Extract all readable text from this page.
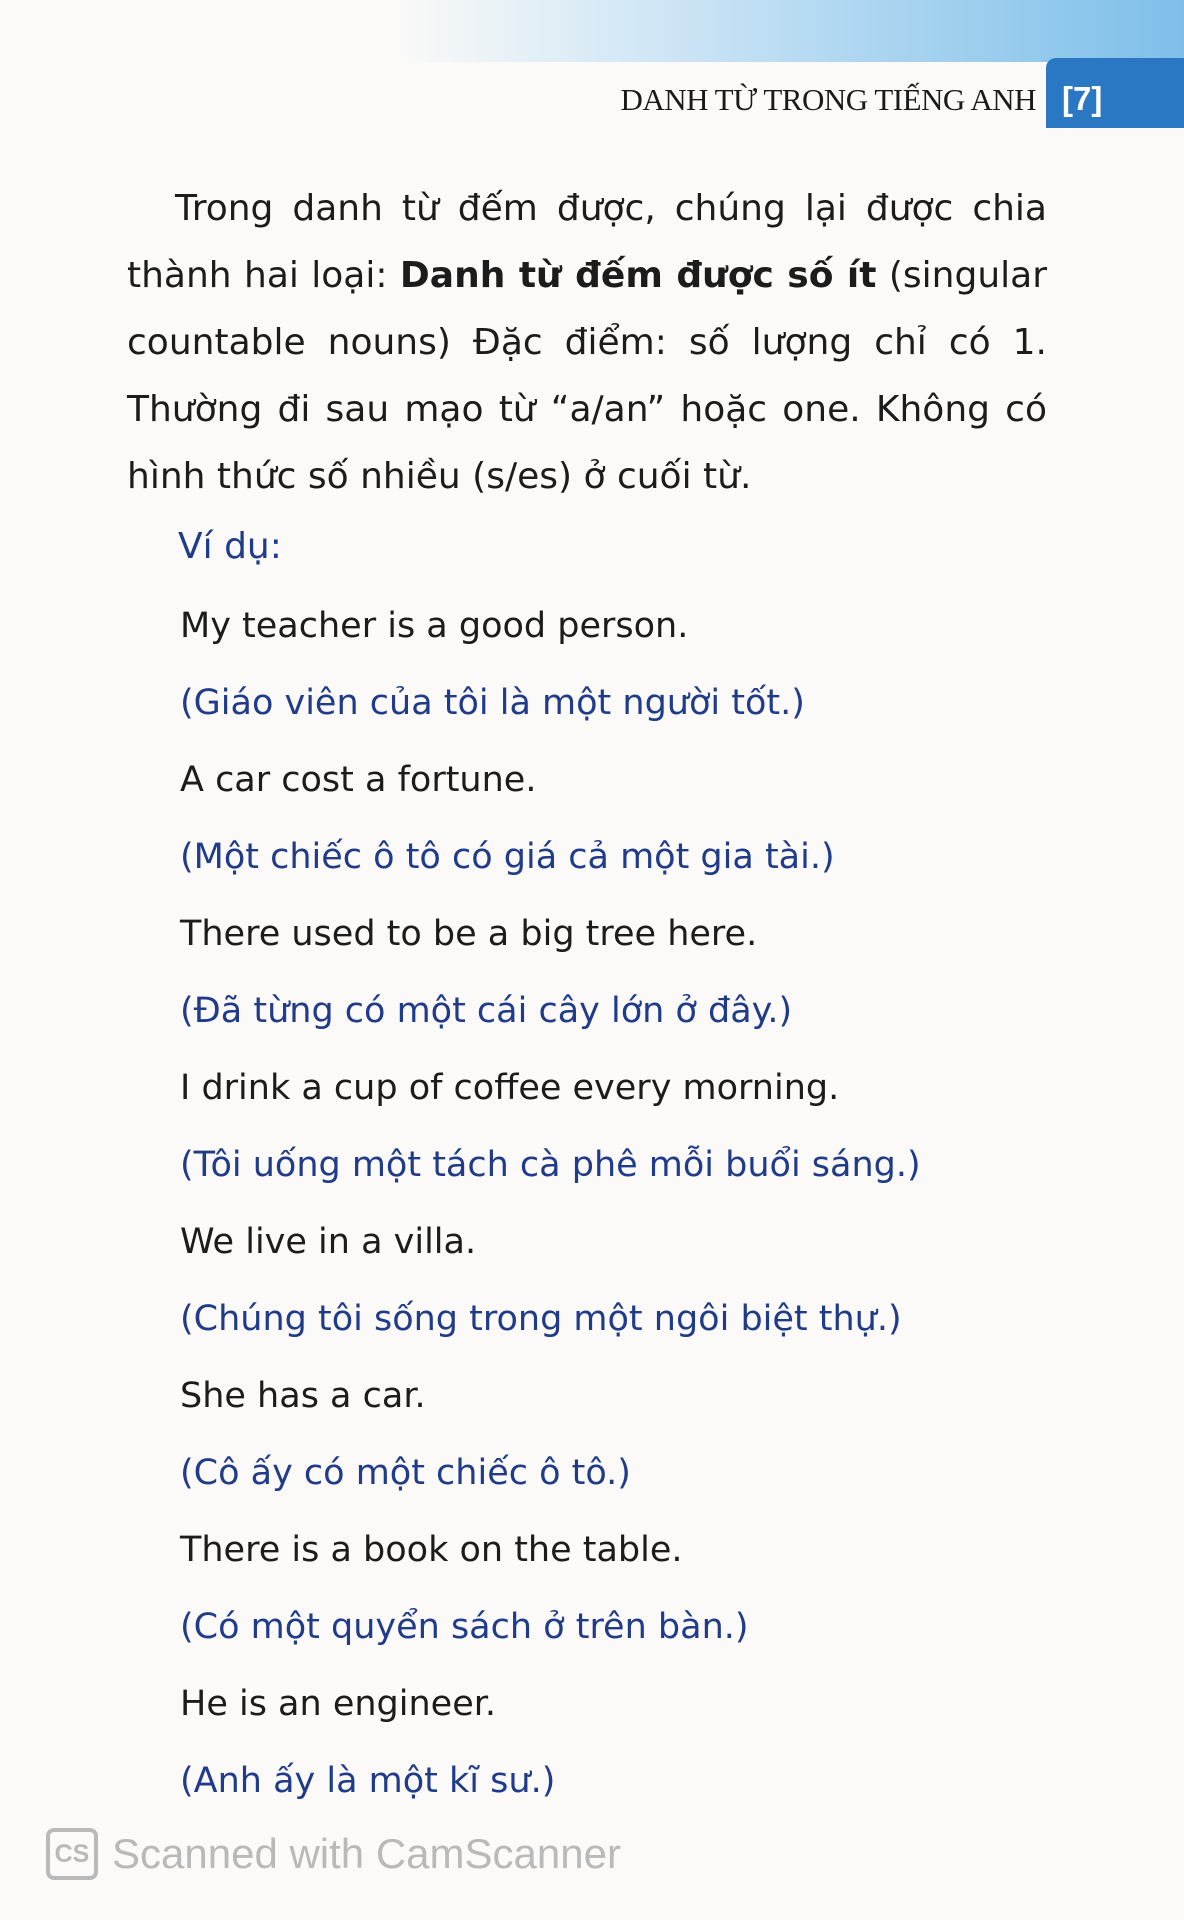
DANH TỪ TRONG TIẾNG ANH [7]

Trong danh từ đếm được, chúng lại được chia thành hai loại: Danh từ đếm được số ít (singular countable nouns) Đặc điểm: số lượng chỉ có 1. Thường đi sau mạo từ “a/an” hoặc one. Không có hình thức số nhiều (s/es) ở cuối từ.

Ví dụ:

My teacher is a good person.
(Giáo viên của tôi là một người tốt.)
A car cost a fortune.
(Một chiếc ô tô có giá cả một gia tài.)
There used to be a big tree here.
(Đã từng có một cái cây lớn ở đây.)
I drink a cup of coffee every morning.
(Tôi uống một tách cà phê mỗi buổi sáng.)
We live in a villa.
(Chúng tôi sống trong một ngôi biệt thự.)
She has a car.
(Cô ấy có một chiếc ô tô.)
There is a book on the table.
(Có một quyển sách ở trên bàn.)
He is an engineer.
(Anh ấy là một kĩ sư.)
CS Scanned with CamScanner
